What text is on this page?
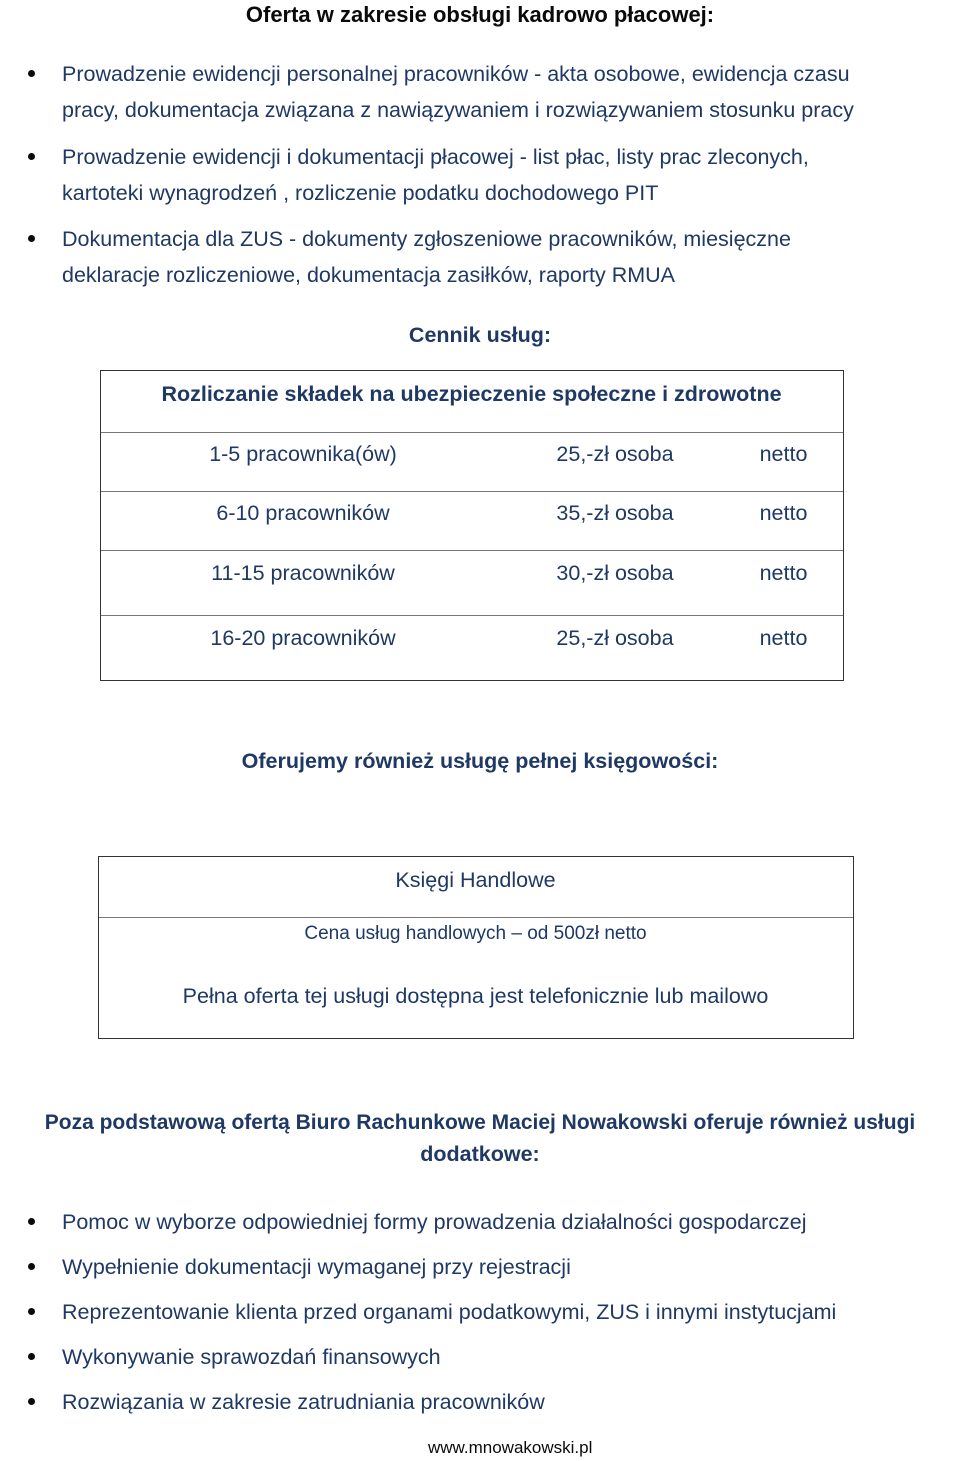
Oferta w zakresie obsługi kadrowo płacowej:
Prowadzenie ewidencji personalnej pracowników - akta osobowe, ewidencja czasu
pracy, dokumentacja związana z nawiązywaniem i rozwiązywaniem stosunku pracy
Prowadzenie ewidencji i dokumentacji płacowej - list płac, listy prac zleconych,
kartoteki wynagrodzeń , rozliczenie podatku dochodowego PIT
Dokumentacja dla ZUS - dokumenty zgłoszeniowe pracowników, miesięczne
deklaracje rozliczeniowe, dokumentacja zasiłków, raporty RMUA
Cennik usług:
Rozliczanie składek na ubezpieczenie społeczne i zdrowotne
1-5 pracownika(ów)	25,-zł osoba	netto
6-10 pracowników	35,-zł osoba	netto
11-15 pracowników	30,-zł osoba	netto
16-20 pracowników	25,-zł osoba	netto
Oferujemy również usługę pełnej księgowości:
Księgi Handlowe
Cena usług handlowych – od 500zł netto
Pełna oferta tej usługi dostępna jest telefonicznie lub mailowo
Poza podstawową ofertą Biuro Rachunkowe Maciej Nowakowski oferuje również usługi
dodatkowe:
Pomoc w wyborze odpowiedniej formy prowadzenia działalności gospodarczej
Wypełnienie dokumentacji wymaganej przy rejestracji
Reprezentowanie klienta przed organami podatkowymi, ZUS i innymi instytucjami
Wykonywanie sprawozdań finansowych
Rozwiązania w zakresie zatrudniania pracowników
www.mnowakowski.pl
